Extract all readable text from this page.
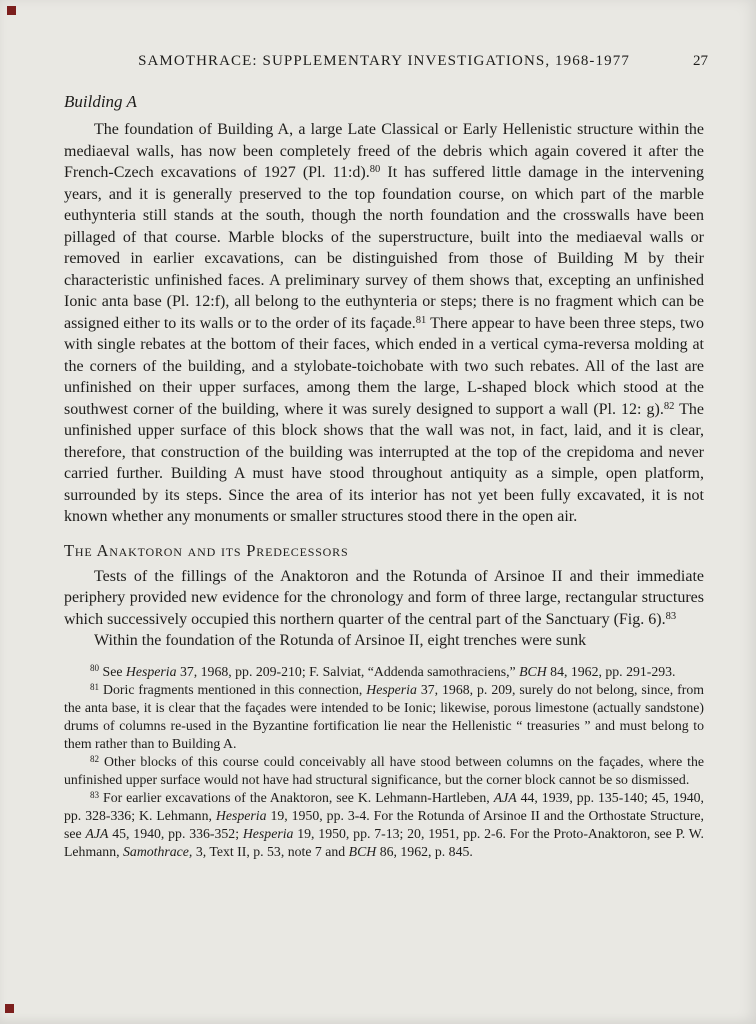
SAMOTHRACE: SUPPLEMENTARY INVESTIGATIONS, 1968-1977	27
Building A

The foundation of Building A, a large Late Classical or Early Hellenistic structure within the mediaeval walls, has now been completely freed of the debris which again covered it after the French-Czech excavations of 1927 (Pl. 11:d).$^{80}$ It has suffered little damage in the intervening years, and it is generally preserved to the top foundation course, on which part of the marble euthynteria still stands at the south, though the north foundation and the crosswalls have been pillaged of that course. Marble blocks of the superstructure, built into the mediaeval walls or removed in earlier excavations, can be distinguished from those of Building M by their characteristic unfinished faces. A preliminary survey of them shows that, excepting an unfinished Ionic anta base (Pl. 12:f), all belong to the euthynteria or steps; there is no fragment which can be assigned either to its walls or to the order of its façade.$^{81}$ There appear to have been three steps, two with single rebates at the bottom of their faces, which ended in a vertical cyma-reversa molding at the corners of the building, and a stylobate-toichobate with two such rebates. All of the last are unfinished on their upper surfaces, among them the large, L-shaped block which stood at the southwest corner of the building, where it was surely designed to support a wall (Pl. 12: g).$^{82}$ The unfinished upper surface of this block shows that the wall was not, in fact, laid, and it is clear, therefore, that construction of the building was interrupted at the top of the crepidoma and never carried further. Building A must have stood throughout antiquity as a simple, open platform, surrounded by its steps. Since the area of its interior has not yet been fully excavated, it is not known whether any monuments or smaller structures stood there in the open air.

The Anaktoron and its Predecessors

Tests of the fillings of the Anaktoron and the Rotunda of Arsinoe II and their immediate periphery provided new evidence for the chronology and form of three large, rectangular structures which successively occupied this northern quarter of the central part of the Sanctuary (Fig. 6).$^{83}$

Within the foundation of the Rotunda of Arsinoe II, eight trenches were sunk

$^{80}$ See Hesperia 37, 1968, pp. 209-210; F. Salviat, “Addenda samothraciens,” BCH 84, 1962, pp. 291-293.

$^{81}$ Doric fragments mentioned in this connection, Hesperia 37, 1968, p. 209, surely do not belong, since, from the anta base, it is clear that the façades were intended to be Ionic; likewise, porous limestone (actually sandstone) drums of columns re-used in the Byzantine fortification lie near the Hellenistic “ treasuries ” and must belong to them rather than to Building A.

$^{82}$ Other blocks of this course could conceivably all have stood between columns on the façades, where the unfinished upper surface would not have had structural significance, but the corner block cannot be so dismissed.

$^{83}$ For earlier excavations of the Anaktoron, see K. Lehmann-Hartleben, AJA 44, 1939, pp. 135-140; 45, 1940, pp. 328-336; K. Lehmann, Hesperia 19, 1950, pp. 3-4. For the Rotunda of Arsinoe II and the Orthostate Structure, see AJA 45, 1940, pp. 336-352; Hesperia 19, 1950, pp. 7-13; 20, 1951, pp. 2-6. For the Proto-Anaktoron, see P. W. Lehmann, Samothrace, 3, Text II, p. 53, note 7 and BCH 86, 1962, p. 845.
